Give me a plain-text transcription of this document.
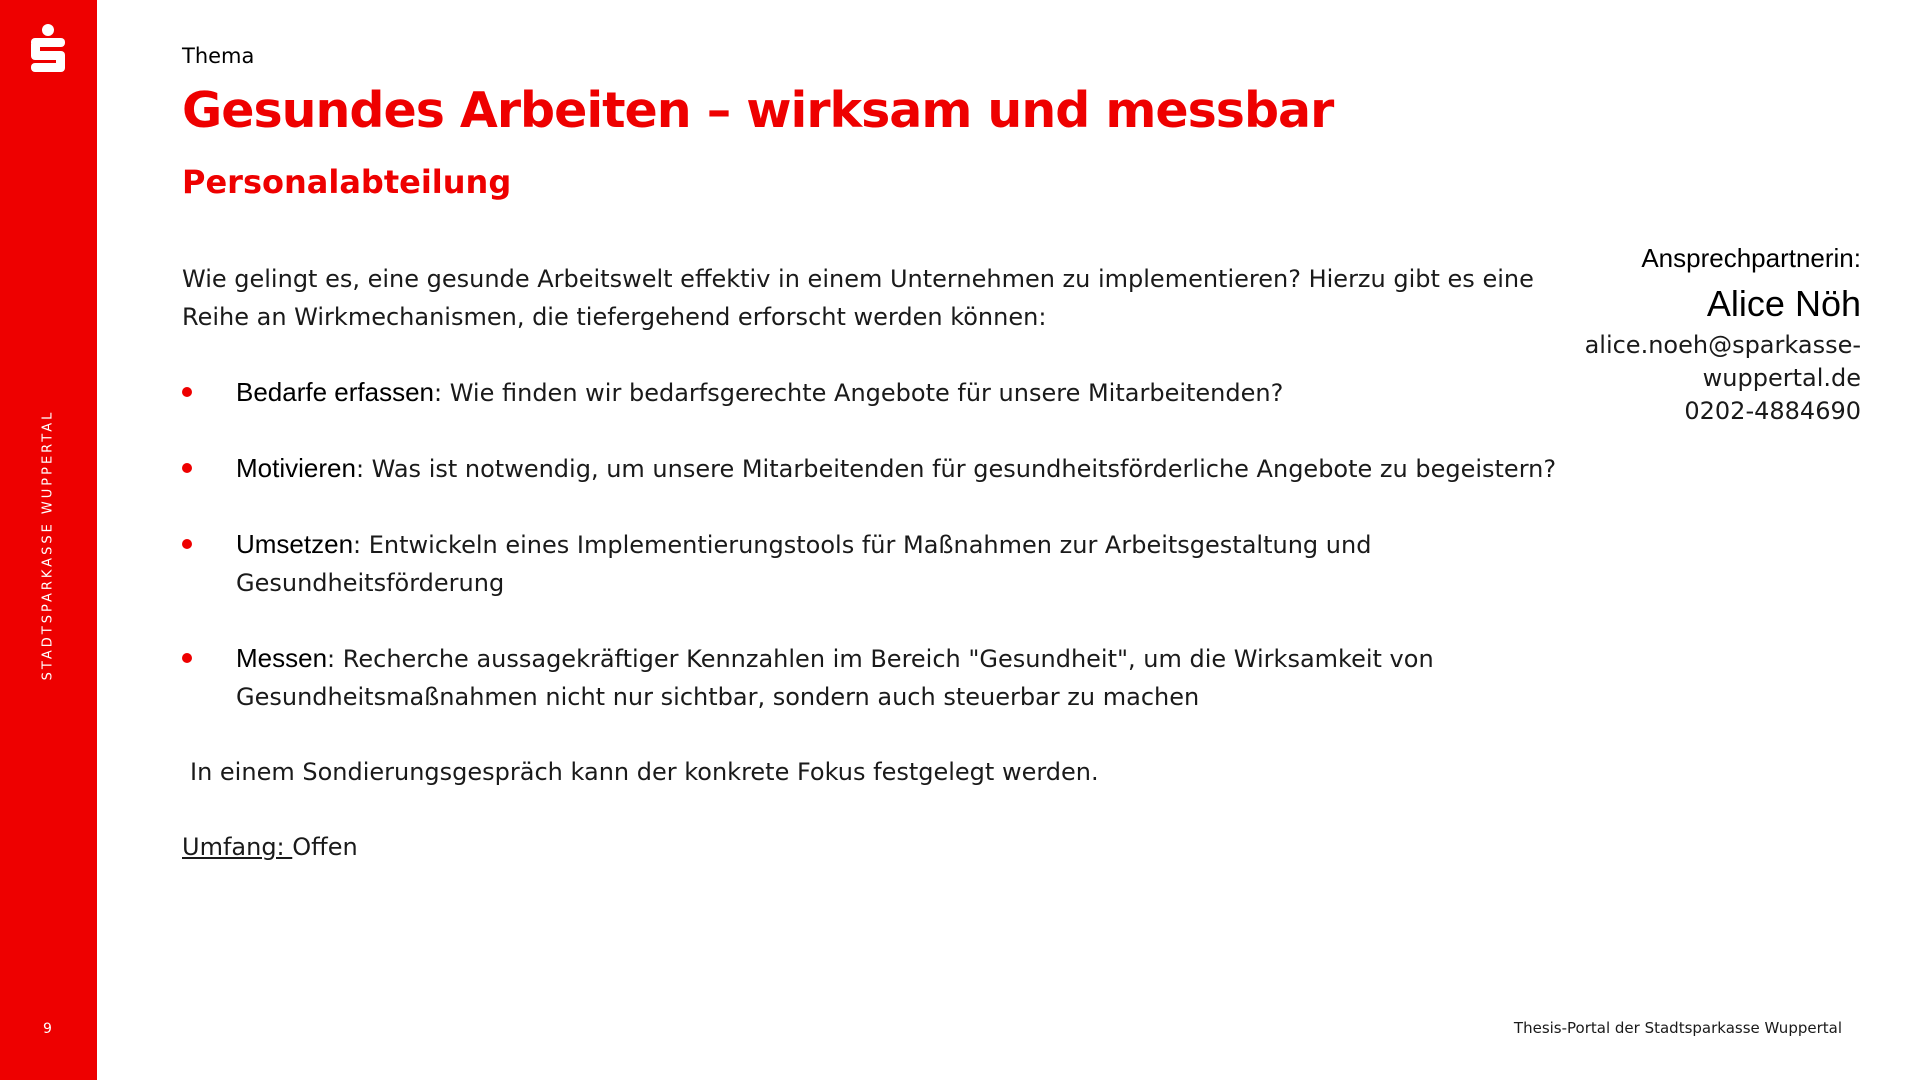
STADTSPARKASSE WUPPERTAL
9
Thema
Gesundes Arbeiten – wirksam und messbar
Personalabteilung

Wie gelingt es, eine gesunde Arbeitswelt effektiv in einem Unternehmen zu implementieren? Hierzu gibt es eine Reihe an Wirkmechanismen, die tiefergehend erforscht werden können:

Bedarfe erfassen: Wie finden wir bedarfsgerechte Angebote für unsere Mitarbeitenden?
Motivieren: Was ist notwendig, um unsere Mitarbeitenden für gesundheitsförderliche Angebote zu begeistern?
Umsetzen: Entwickeln eines Implementierungstools für Maßnahmen zur Arbeitsgestaltung und Gesundheitsförderung
Messen: Recherche aussagekräftiger Kennzahlen im Bereich "Gesundheit", um die Wirksamkeit von Gesundheitsmaßnahmen nicht nur sichtbar, sondern auch steuerbar zu machen

In einem Sondierungsgespräch kann der konkrete Fokus festgelegt werden.

Umfang: Offen

Ansprechpartnerin:
Alice Nöh
alice.noeh@sparkasse-
wuppertal.de
0202-4884690
Thesis-Portal der Stadtsparkasse Wuppertal
